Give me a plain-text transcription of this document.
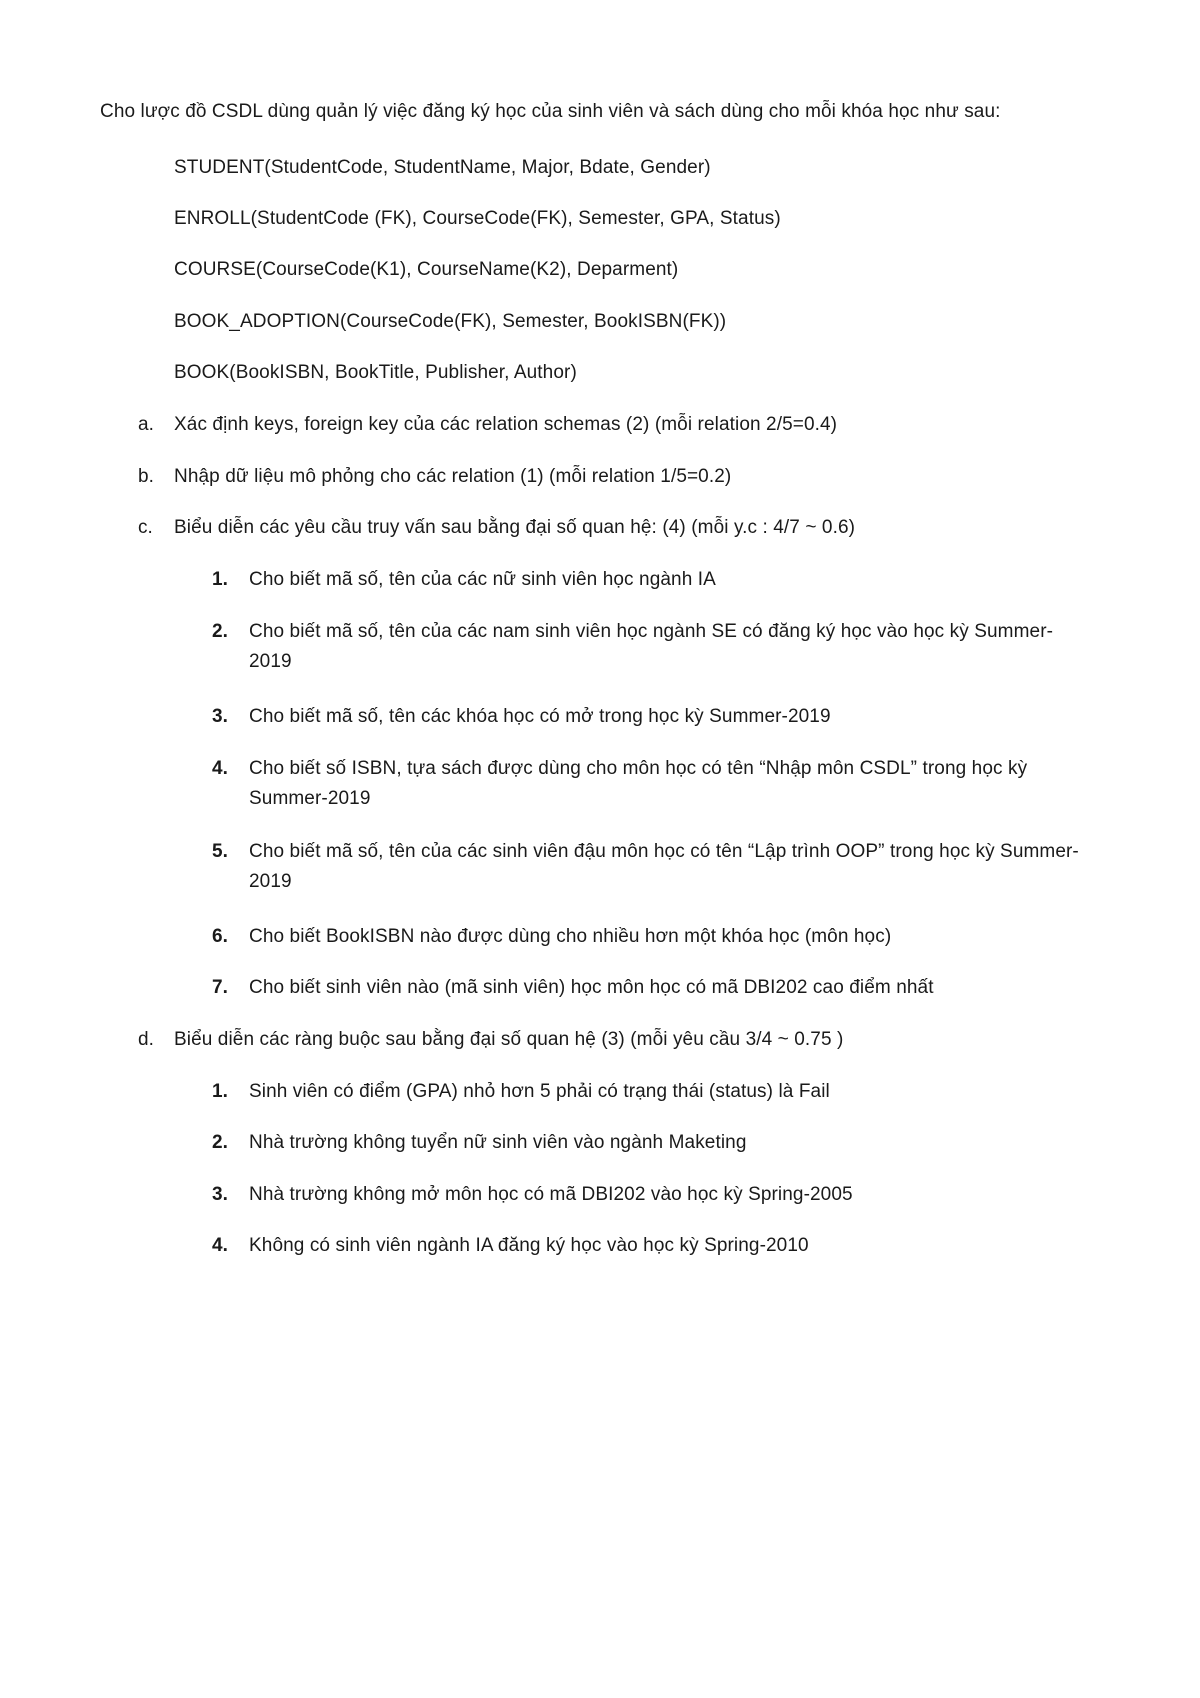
Cho lược đồ CSDL dùng quản lý việc đăng ký học của sinh viên và sách dùng cho mỗi khóa học như sau:
STUDENT(StudentCode, StudentName, Major, Bdate, Gender)
ENROLL(StudentCode (FK), CourseCode(FK), Semester, GPA, Status)
COURSE(CourseCode(K1), CourseName(K2), Deparment)
BOOK_ADOPTION(CourseCode(FK), Semester, BookISBN(FK))
BOOK(BookISBN, BookTitle, Publisher, Author)
a. Xác định keys, foreign key của các relation schemas (2) (mỗi relation 2/5=0.4)
b. Nhập dữ liệu mô phỏng cho các relation (1) (mỗi relation 1/5=0.2)
c. Biểu diễn các yêu cầu truy vấn sau bằng đại số quan hệ: (4) (mỗi y.c : 4/7 ~ 0.6)
1. Cho biết mã số, tên của các nữ sinh viên học ngành IA
2. Cho biết mã số, tên của các nam sinh viên học ngành SE có đăng ký học vào học kỳ Summer-2019
3. Cho biết mã số, tên các khóa học có mở trong học kỳ Summer-2019
4. Cho biết số ISBN, tựa sách được dùng cho môn học có tên “Nhập môn CSDL” trong học kỳ Summer-2019
5. Cho biết mã số, tên của các sinh viên đậu môn học có tên “Lập trình OOP” trong học kỳ Summer-2019
6. Cho biết BookISBN nào được dùng cho nhiều hơn một khóa học (môn học)
7. Cho biết sinh viên nào (mã sinh viên) học môn học có mã DBI202 cao điểm nhất
d. Biểu diễn các ràng buộc sau bằng đại số quan hệ (3) (mỗi yêu cầu 3/4 ~ 0.75 )
1. Sinh viên có điểm (GPA) nhỏ hơn 5 phải có trạng thái (status) là Fail
2. Nhà trường không tuyển nữ sinh viên vào ngành Maketing
3. Nhà trường không mở môn học có mã DBI202 vào học kỳ Spring-2005
4. Không có sinh viên ngành IA đăng ký học vào học kỳ Spring-2010
